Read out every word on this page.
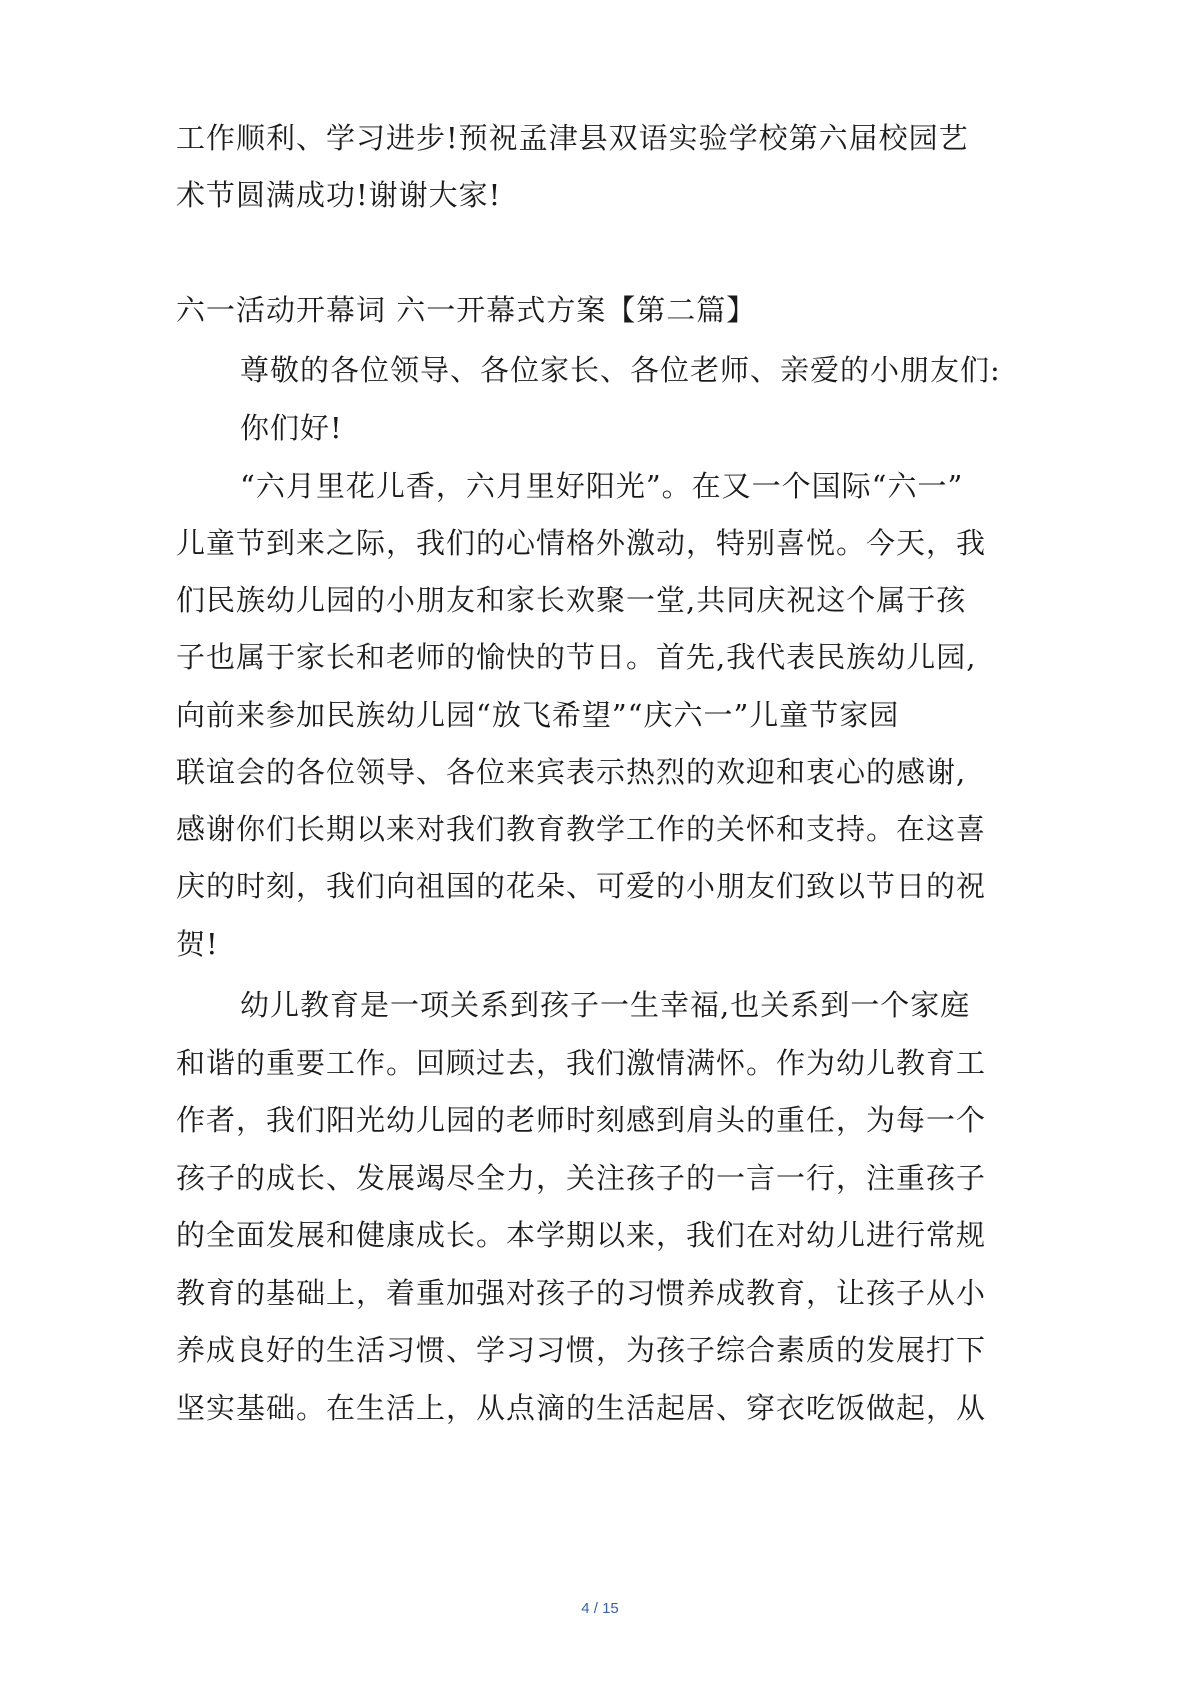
工作顺利、学习进步!预祝孟津县双语实验学校第六届校园艺
术节圆满成功!谢谢大家!
六一活动开幕词 六一开幕式方案【第二篇】
尊敬的各位领导、各位家长、各位老师、亲爱的小朋友们:
你们好!
“六月里花儿香，六月里好阳光”。在又一个国际“六一”
儿童节到来之际，我们的心情格外激动，特别喜悦。今天，我
们民族幼儿园的小朋友和家长欢聚一堂,共同庆祝这个属于孩
子也属于家长和老师的愉快的节日。首先,我代表民族幼儿园,
向前来参加民族幼儿园“放飞希望”“庆六一”儿童节家园
联谊会的各位领导、各位来宾表示热烈的欢迎和衷心的感谢,
感谢你们长期以来对我们教育教学工作的关怀和支持。在这喜
庆的时刻，我们向祖国的花朵、可爱的小朋友们致以节日的祝
贺!
幼儿教育是一项关系到孩子一生幸福,也关系到一个家庭
和谐的重要工作。回顾过去，我们激情满怀。作为幼儿教育工
作者，我们阳光幼儿园的老师时刻感到肩头的重任，为每一个
孩子的成长、发展竭尽全力，关注孩子的一言一行，注重孩子
的全面发展和健康成长。本学期以来，我们在对幼儿进行常规
教育的基础上，着重加强对孩子的习惯养成教育，让孩子从小
养成良好的生活习惯、学习习惯，为孩子综合素质的发展打下
坚实基础。在生活上，从点滴的生活起居、穿衣吃饭做起，从
4 / 15
